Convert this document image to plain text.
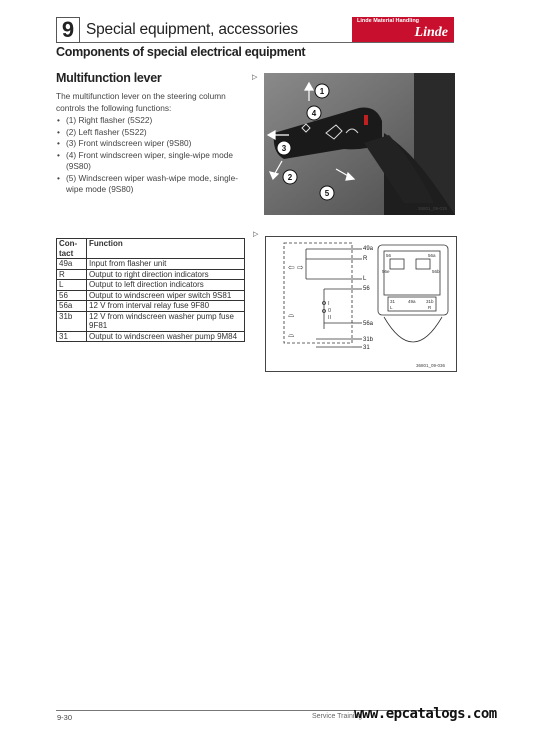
9 Special equipment, accessories	Linde Material Handling
Linde
Components of special electrical equipment
Multifunction lever
The multifunction lever on the steering column controls the following functions:
• (1) Right flasher (5S22)
• (2) Left flasher (5S22)
• (3) Front windscreen wiper (9S80)
• (4) Front windscreen wiper, single-wipe mode (9S80)
• (5) Windscreen wiper wash-wipe mode, single-wipe mode (9S80)
▷
1
2
3
4
5
36801_09-035
Con-tact	Function
49a	Input from flasher unit
R	Output to right direction indicators
L	Output to left direction indicators
56	Output to windscreen wiper switch 9S81
56a	12 V from interval relay fuse 9F80
31b	12 V from windscreen washer pump fuse 9F81
31	Output to windscreen washer pump 9M84
▷
⇦ ⇨
⌓
⌓
I
0
II
49a
R
L
56
56a
31b
31
56	56a
56e	56b
31	49a 31b
L	R
36801_09-036
9-30	Service Training
www.epcatalogs.com
